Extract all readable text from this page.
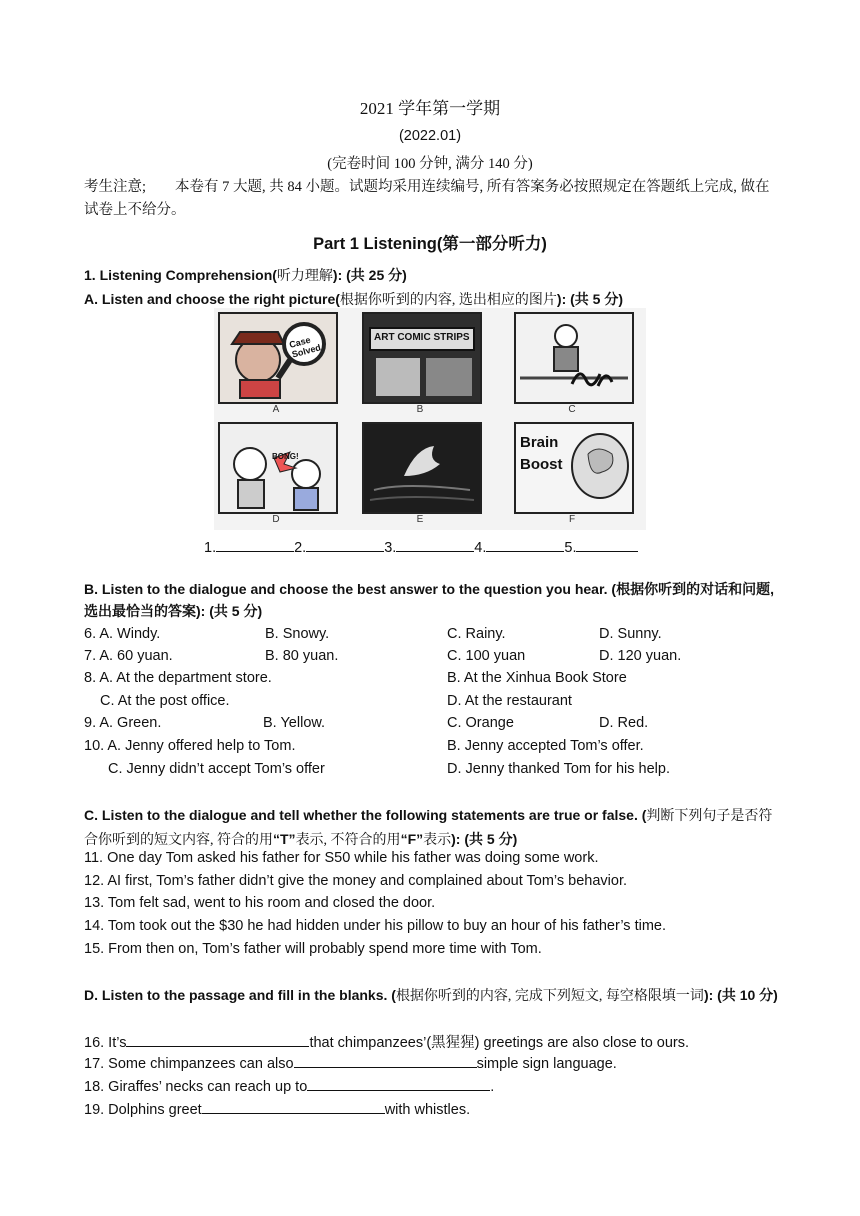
2021 学年第一学期
(2022.01)
(完卷时间 100 分钟, 满分 140 分)
考生注意;　　本卷有 7 大题, 共 84 小题。试题均采用连续编号, 所有答案务必按照规定在答题纸上完成, 做在试卷上不给分。
Part 1 Listening(第一部分听力)
1. Listening Comprehension(听力理解): (共 25 分)
A. Listen and choose the right picture(根据你听到的内容, 选出相应的图片): (共 5 分)
Case Solved
A
ART COMIC STRIPS
B	C
BONG!
D	E
Brain Boost
F
1.	2.	3.	4.	5.
B. Listen to the dialogue and choose the best answer to the question you hear. (根据你听到的对话和问题, 选出最恰当的答案): (共 5 分)
6. A. Windy.	B. Snowy.	C. Rainy.	D. Sunny.
7. A. 60 yuan.	B. 80 yuan.	C. 100 yuan	D. 120 yuan.
8. A. At the department store.	B. At the Xinhua Book Store
C. At the post office.	D. At the restaurant
9. A. Green.	B. Yellow.	C. Orange	D. Red.
10. A. Jenny offered help to Tom.	B. Jenny accepted Tom’s offer.
C. Jenny didn’t accept Tom’s offer	D. Jenny thanked Tom for his help.
C. Listen to the dialogue and tell whether the following statements are true or false. (判断下列句子是否符合你听到的短文内容, 符合的用“T”表示, 不符合的用“F”表示): (共 5 分)
11. One day Tom asked his father for S50 while his father was doing some work.
12. AI first, Tom’s father didn’t give the money and complained about Tom’s behavior.
13. Tom felt sad, went to his room and closed the door.
14. Tom took out the $30 he had hidden under his pillow to buy an hour of his father’s time.
15. From then on, Tom’s father will probably spend more time with Tom.
D. Listen to the passage and fill in the blanks. (根据你听到的内容, 完成下列短文, 每空格限填一词): (共 10 分)
16. It’s	that chimpanzees’(黑猩猩) greetings are also close to ours.
17. Some chimpanzees can also	simple sign language.
18. Giraffes’ necks can reach up to	.
19. Dolphins greet	with whistles.
